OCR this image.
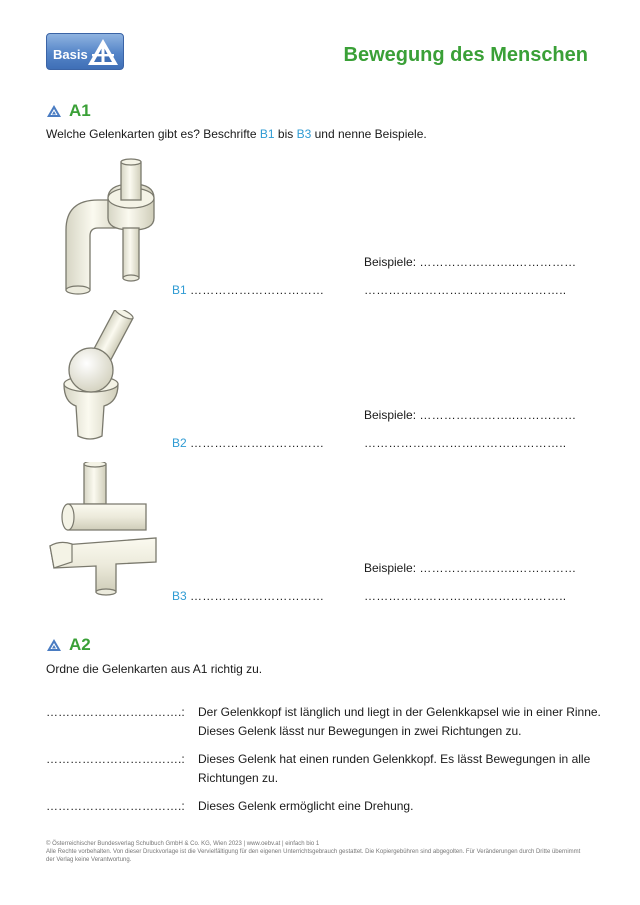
Basis	Bewegung des Menschen
A1
Welche Gelenkarten gibt es? Beschrifte B1 bis B3 und nenne Beispiele.
Beispiele: …………….……..……………
B1 ……………………………	…………………………………………..
Beispiele: …………….……..……………
B2 ……………………………	…………………………………………..
Beispiele: …………….……..……………
B3 ……………………………	…………………………………………..
A2
Ordne die Gelenkarten aus A1 richtig zu.
…………………………….: Der Gelenkkopf ist länglich und liegt in der Gelenkkapsel wie in einer Rinne. Dieses Gelenk lässt nur Bewegungen in zwei Richtungen zu.
…………………………….: Dieses Gelenk hat einen runden Gelenkkopf. Es lässt Bewegungen in alle Richtungen zu.
…………………………….: Dieses Gelenk ermöglicht eine Drehung.
© Österreichischer Bundesverlag Schulbuch GmbH & Co. KG, Wien 2023 | www.oebv.at | einfach bio 1
Alle Rechte vorbehalten. Von dieser Druckvorlage ist die Vervielfältigung für den eigenen Unterrichtsgebrauch gestattet. Die Kopiergebühren sind abgegolten. Für Veränderungen durch Dritte übernimmt der Verlag keine Verantwortung.
